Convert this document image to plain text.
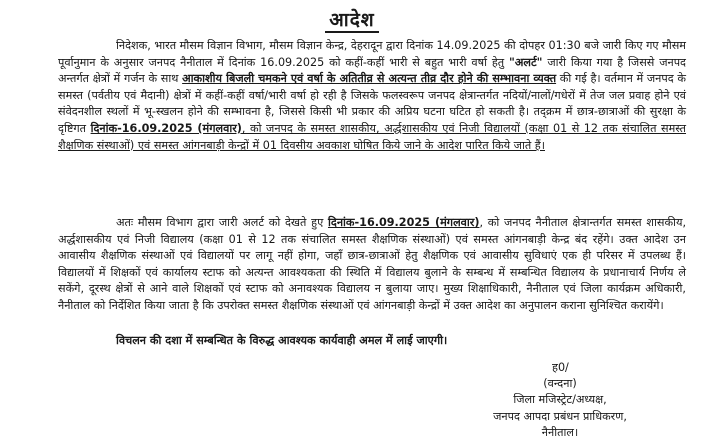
आदेश

निदेशक, भारत मौसम विज्ञान विभाग, मौसम विज्ञान केन्द्र, देहरादून द्वारा दिनांक 14.09.2025 की दोपहर 01:30 बजे जारी किए गए मौसम पूर्वानुमान के अनुसार जनपद नैनीताल में दिनांक 16.09.2025 को कहीं-कहीं भारी से बहुत भारी वर्षा हेतु "अलर्ट" जारी किया गया है जिससे जनपद अन्तर्गत क्षेत्रों में गर्जन के साथ आकाशीय बिजली चमकने एवं वर्षा के अतितीव्र से अत्यन्त तीव्र दौर होने की सम्भावना व्यक्त की गई है। वर्तमान में जनपद के समस्त (पर्वतीय एवं मैदानी) क्षेत्रों में कहीं-कहीं वर्षा/भारी वर्षा हो रही है जिसके फलस्वरूप जनपद क्षेत्रान्तर्गत नदियों/नालों/गधेरों में तेज जल प्रवाह होने एवं संवेदनशील स्थलों में भू-स्खलन होने की सम्भावना है, जिससे किसी भी प्रकार की अप्रिय घटना घटित हो सकती है। तद्क्रम में छात्र-छात्राओं की सुरक्षा के दृष्टिगत दिनांक-16.09.2025 (मंगलवार), को जनपद के समस्त शासकीय, अर्द्धशासकीय एवं निजी विद्यालयों (कक्षा 01 से 12 तक संचालित समस्त शैक्षणिक संस्थाओं) एवं समस्त आंगनबाड़ी केन्द्रों में 01 दिवसीय अवकाश घोषित किये जाने के आदेश पारित किये जाते हैं।

अतः मौसम विभाग द्वारा जारी अलर्ट को देखते हुए दिनांक-16.09.2025 (मंगलवार), को जनपद नैनीताल क्षेत्रान्तर्गत समस्त शासकीय, अर्द्धशासकीय एवं निजी विद्यालय (कक्षा 01 से 12 तक संचालित समस्त शैक्षणिक संस्थाओं) एवं समस्त आंगनबाड़ी केन्द्र बंद रहेंगे। उक्त आदेश उन आवासीय शैक्षणिक संस्थाओं एवं विद्यालयों पर लागू नहीं होगा, जहाँ छात्र-छात्राओं हेतु शैक्षणिक एवं आवासीय सुविधाएं एक ही परिसर में उपलब्ध हैं। विद्यालयों में शिक्षकों एवं कार्यालय स्टाफ को अत्यन्त आवश्यकता की स्थिति में विद्यालय बुलाने के सम्बन्ध में सम्बन्धित विद्यालय के प्रधानाचार्य निर्णय ले सकेंगे, दूरस्थ क्षेत्रों से आने वाले शिक्षकों एवं स्टाफ को अनावश्यक विद्यालय न बुलाया जाए। मुख्य शिक्षाधिकारी, नैनीताल एवं जिला कार्यक्रम अधिकारी, नैनीताल को निर्देशित किया जाता है कि उपरोक्त समस्त शैक्षणिक संस्थाओं एवं आंगनबाड़ी केन्द्रों में उक्त आदेश का अनुपालन कराना सुनिश्चित करायेंगे।

विचलन की दशा में सम्बन्धित के विरुद्ध आवश्यक कार्यवाही अमल में लाई जाएगी।

ह0/
(वन्दना)
जिला मजिस्ट्रेट/अध्यक्ष,
जनपद आपदा प्रबंधन प्राधिकरण,
नैनीताल।
